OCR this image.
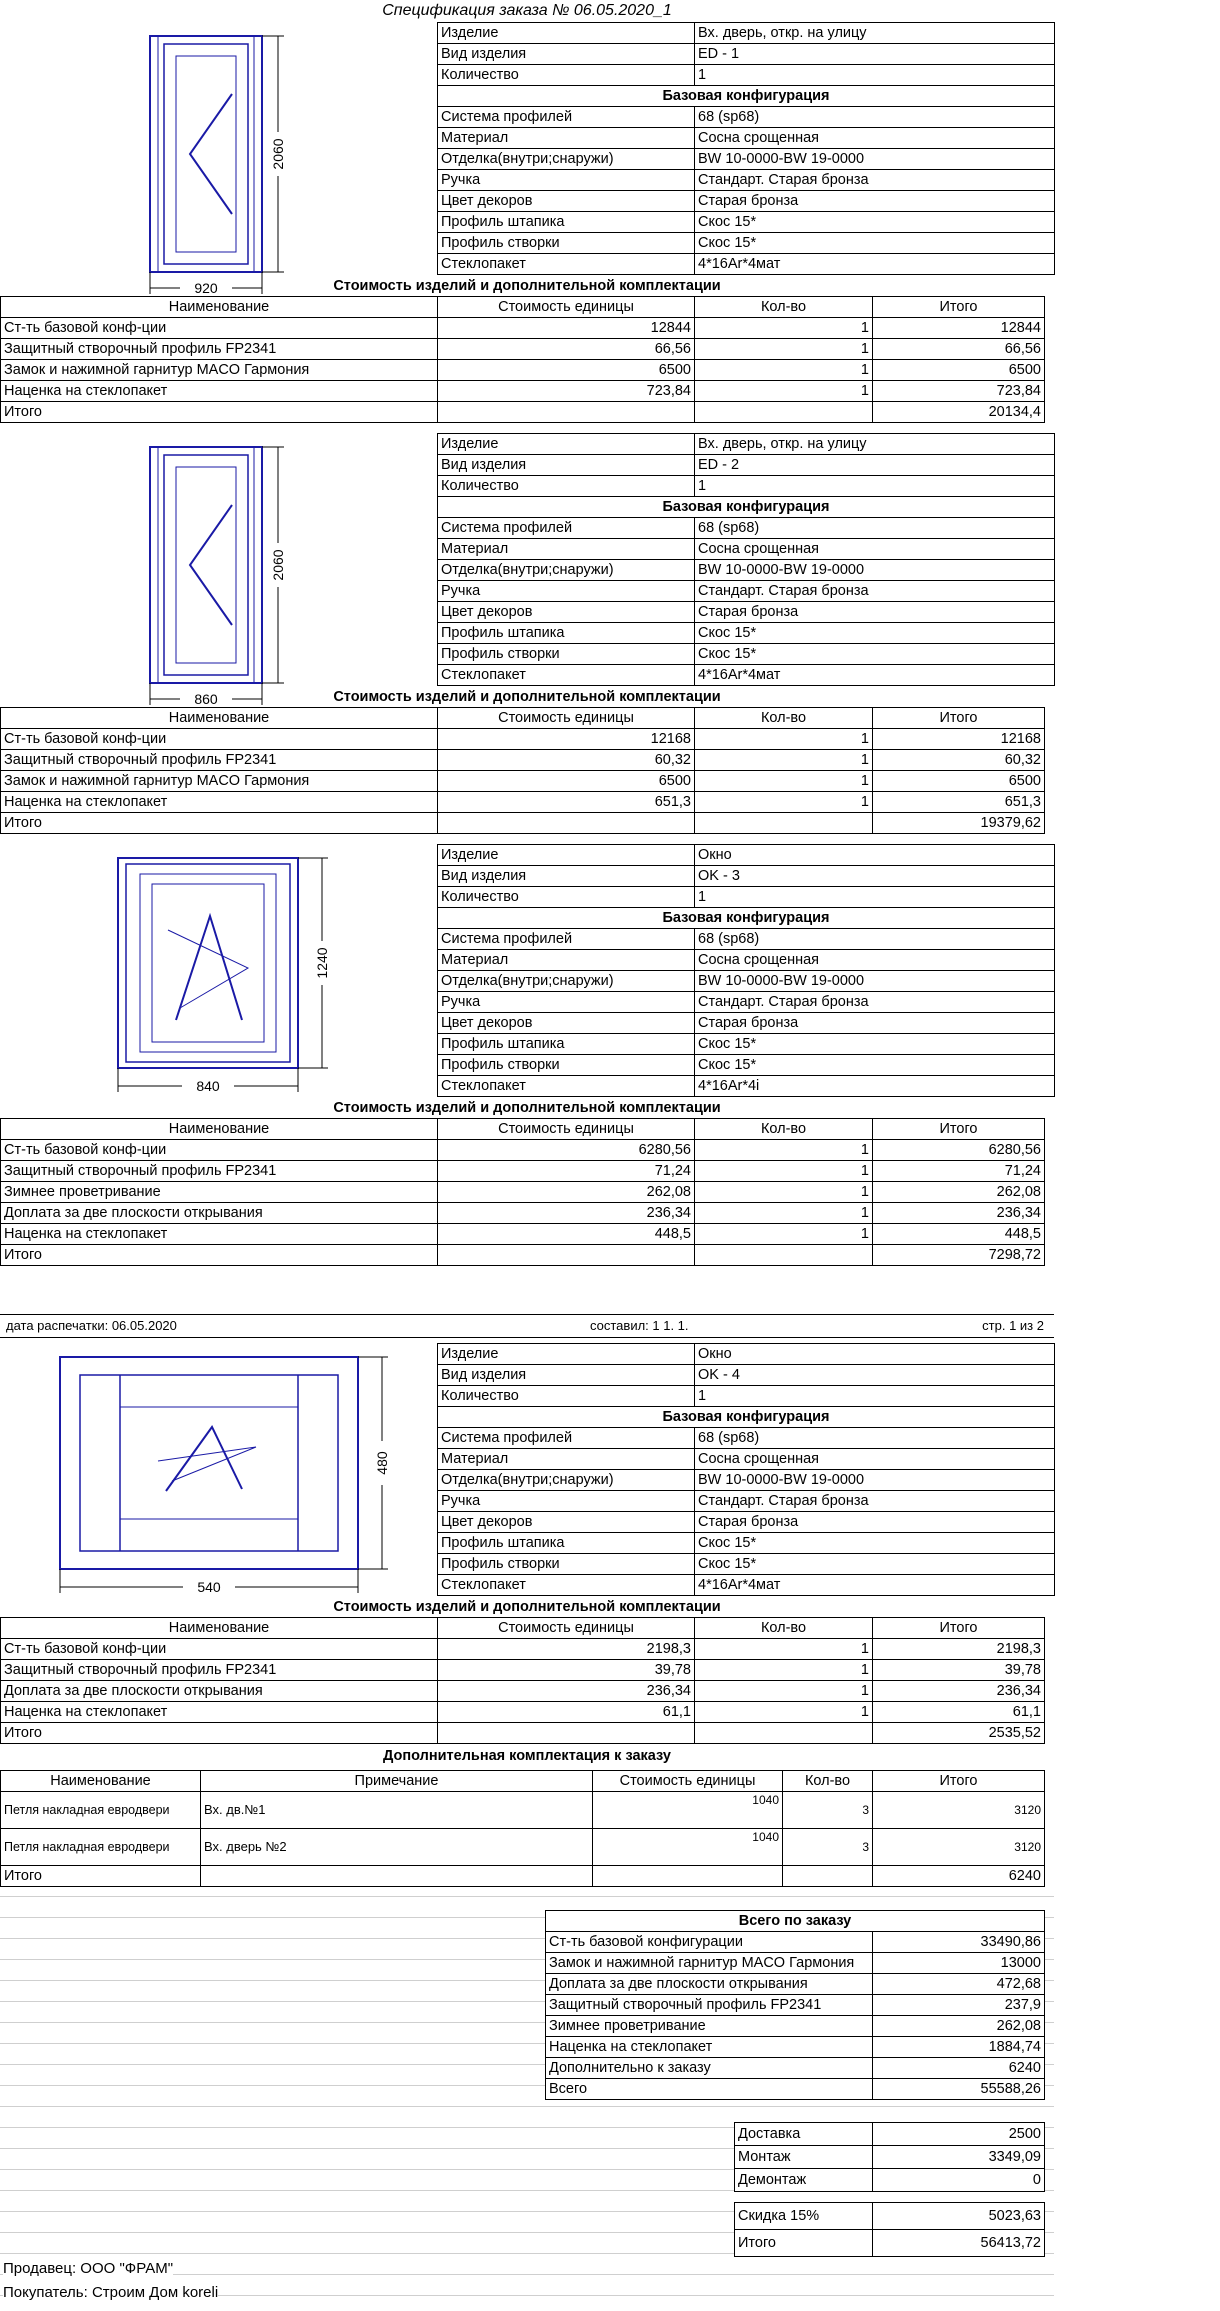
Спецификация заказа № 06.05.2020_1
Изделие	Вх. дверь, откр. на улицу
Вид изделия	ED - 1
Количество	1
Базовая конфигурация	
Система профилей	68 (sp68)
Материал	Сосна срощенная
Отделка(внутри;снаружи)	BW 10-0000-BW 19-0000
Ручка	Стандарт. Старая бронза
Цвет декоров	Старая бронза
Профиль штапика	Скос 15*
Профиль створки	Скос 15*
Стеклопакет	4*16Ar*4мат
920
2060
Стоимость изделий и дополнительной комплектации
Наименование	Стоимость единицы	Кол-во	Итого
Ст-ть базовой конф-ции	12844	1	12844
Защитный створочный профиль FP2341	66,56	1	66,56
Замок и нажимной гарнитур MACO Гармония	6500	1	6500
Наценка на стеклопакет	723,84	1	723,84
Итого			20134,4
Изделие	Вх. дверь, откр. на улицу
Вид изделия	ED - 2
Количество	1
Базовая конфигурация	
Система профилей	68 (sp68)
Материал	Сосна срощенная
Отделка(внутри;снаружи)	BW 10-0000-BW 19-0000
Ручка	Стандарт. Старая бронза
Цвет декоров	Старая бронза
Профиль штапика	Скос 15*
Профиль створки	Скос 15*
Стеклопакет	4*16Ar*4мат
860
2060
Стоимость изделий и дополнительной комплектации
Наименование	Стоимость единицы	Кол-во	Итого
Ст-ть базовой конф-ции	12168	1	12168
Защитный створочный профиль FP2341	60,32	1	60,32
Замок и нажимной гарнитур MACO Гармония	6500	1	6500
Наценка на стеклопакет	651,3	1	651,3
Итого			19379,62
Изделие	Окно
Вид изделия	OK - 3
Количество	1
Базовая конфигурация	
Система профилей	68 (sp68)
Материал	Сосна срощенная
Отделка(внутри;снаружи)	BW 10-0000-BW 19-0000
Ручка	Стандарт. Старая бронза
Цвет декоров	Старая бронза
Профиль штапика	Скос 15*
Профиль створки	Скос 15*
Стеклопакет	4*16Ar*4i
840
1240
Стоимость изделий и дополнительной комплектации
Наименование	Стоимость единицы	Кол-во	Итого
Ст-ть базовой конф-ции	6280,56	1	6280,56
Защитный створочный профиль FP2341	71,24	1	71,24
Зимнее проветривание	262,08	1	262,08
Доплата за две плоскости открывания	236,34	1	236,34
Наценка на стеклопакет	448,5	1	448,5
Итого			7298,72
Изделие	Окно
Вид изделия	OK - 4
Количество	1
Базовая конфигурация	
Система профилей	68 (sp68)
Материал	Сосна срощенная
Отделка(внутри;снаружи)	BW 10-0000-BW 19-0000
Ручка	Стандарт. Старая бронза
Цвет декоров	Старая бронза
Профиль штапика	Скос 15*
Профиль створки	Скос 15*
Стеклопакет	4*16Ar*4мат
540
480
Стоимость изделий и дополнительной комплектации
Наименование	Стоимость единицы	Кол-во	Итого
Ст-ть базовой конф-ции	2198,3	1	2198,3
Защитный створочный профиль FP2341	39,78	1	39,78
Доплата за две плоскости открывания	236,34	1	236,34
Наценка на стеклопакет	61,1	1	61,1
Итого			2535,52
дата распечатки: 06.05.2020	составил: 1 1. 1.	стр. 1 из 2
Дополнительная комплектация к заказу
Наименование	Примечание	Стоимость единицы	Кол-во	Итого
Петля накладная евродвери	Вх. дв.№1	1040	3	3120
Петля накладная евродвери	Вх. дверь №2	1040	3	3120
Итого				6240
Всего по заказу	
Ст-ть базовой конфигурации	33490,86
Замок и нажимной гарнитур MACO Гармония	13000
Доплата за две плоскости открывания	472,68
Защитный створочный профиль FP2341	237,9
Зимнее проветривание	262,08
Наценка на стеклопакет	1884,74
Дополнительно к заказу	6240
Всего	55588,26
Доставка	2500
Монтаж	3349,09
Демонтаж	0
Скидка 15%	5023,63
Итого	56413,72
Продавец: ООО "ФРАМ"
Покупатель: Строим Дом koreli
